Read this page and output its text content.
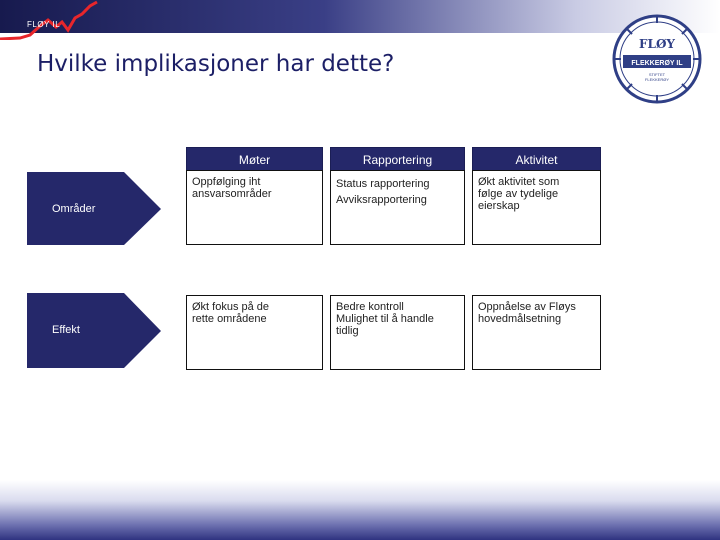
FLØY IL
Hvilke implikasjoner har dette?
FLØY
FLEKKERØY IL
STIFTET
FLEKKERØY
Møter	Rapportering	Aktivitet
Områder
Effekt
Oppfølging iht
ansvarsområder
Status rapportering
Avviksrapportering
Økt aktivitet som
følge av tydelige
eierskap
Økt fokus på de
rette områdene
Bedre kontroll
Mulighet til å handle
tidlig
Oppnåelse av Fløys
hovedmålsetning
